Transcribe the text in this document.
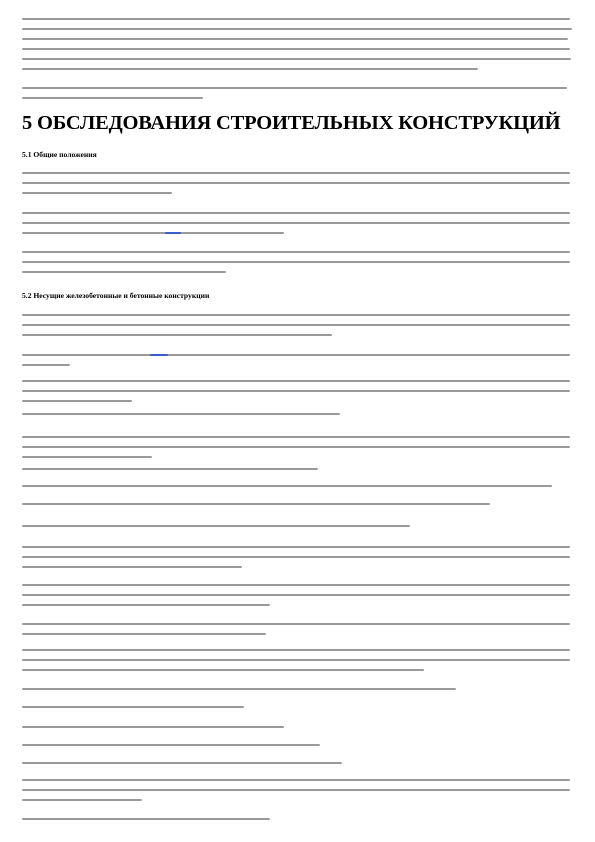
5 ОБСЛЕДОВАНИЯ СТРОИТЕЛЬНЫХ КОНСТРУКЦИЙ
5.1 Общие положения
5.2 Несущие железобетонные и бетонные конструкции
